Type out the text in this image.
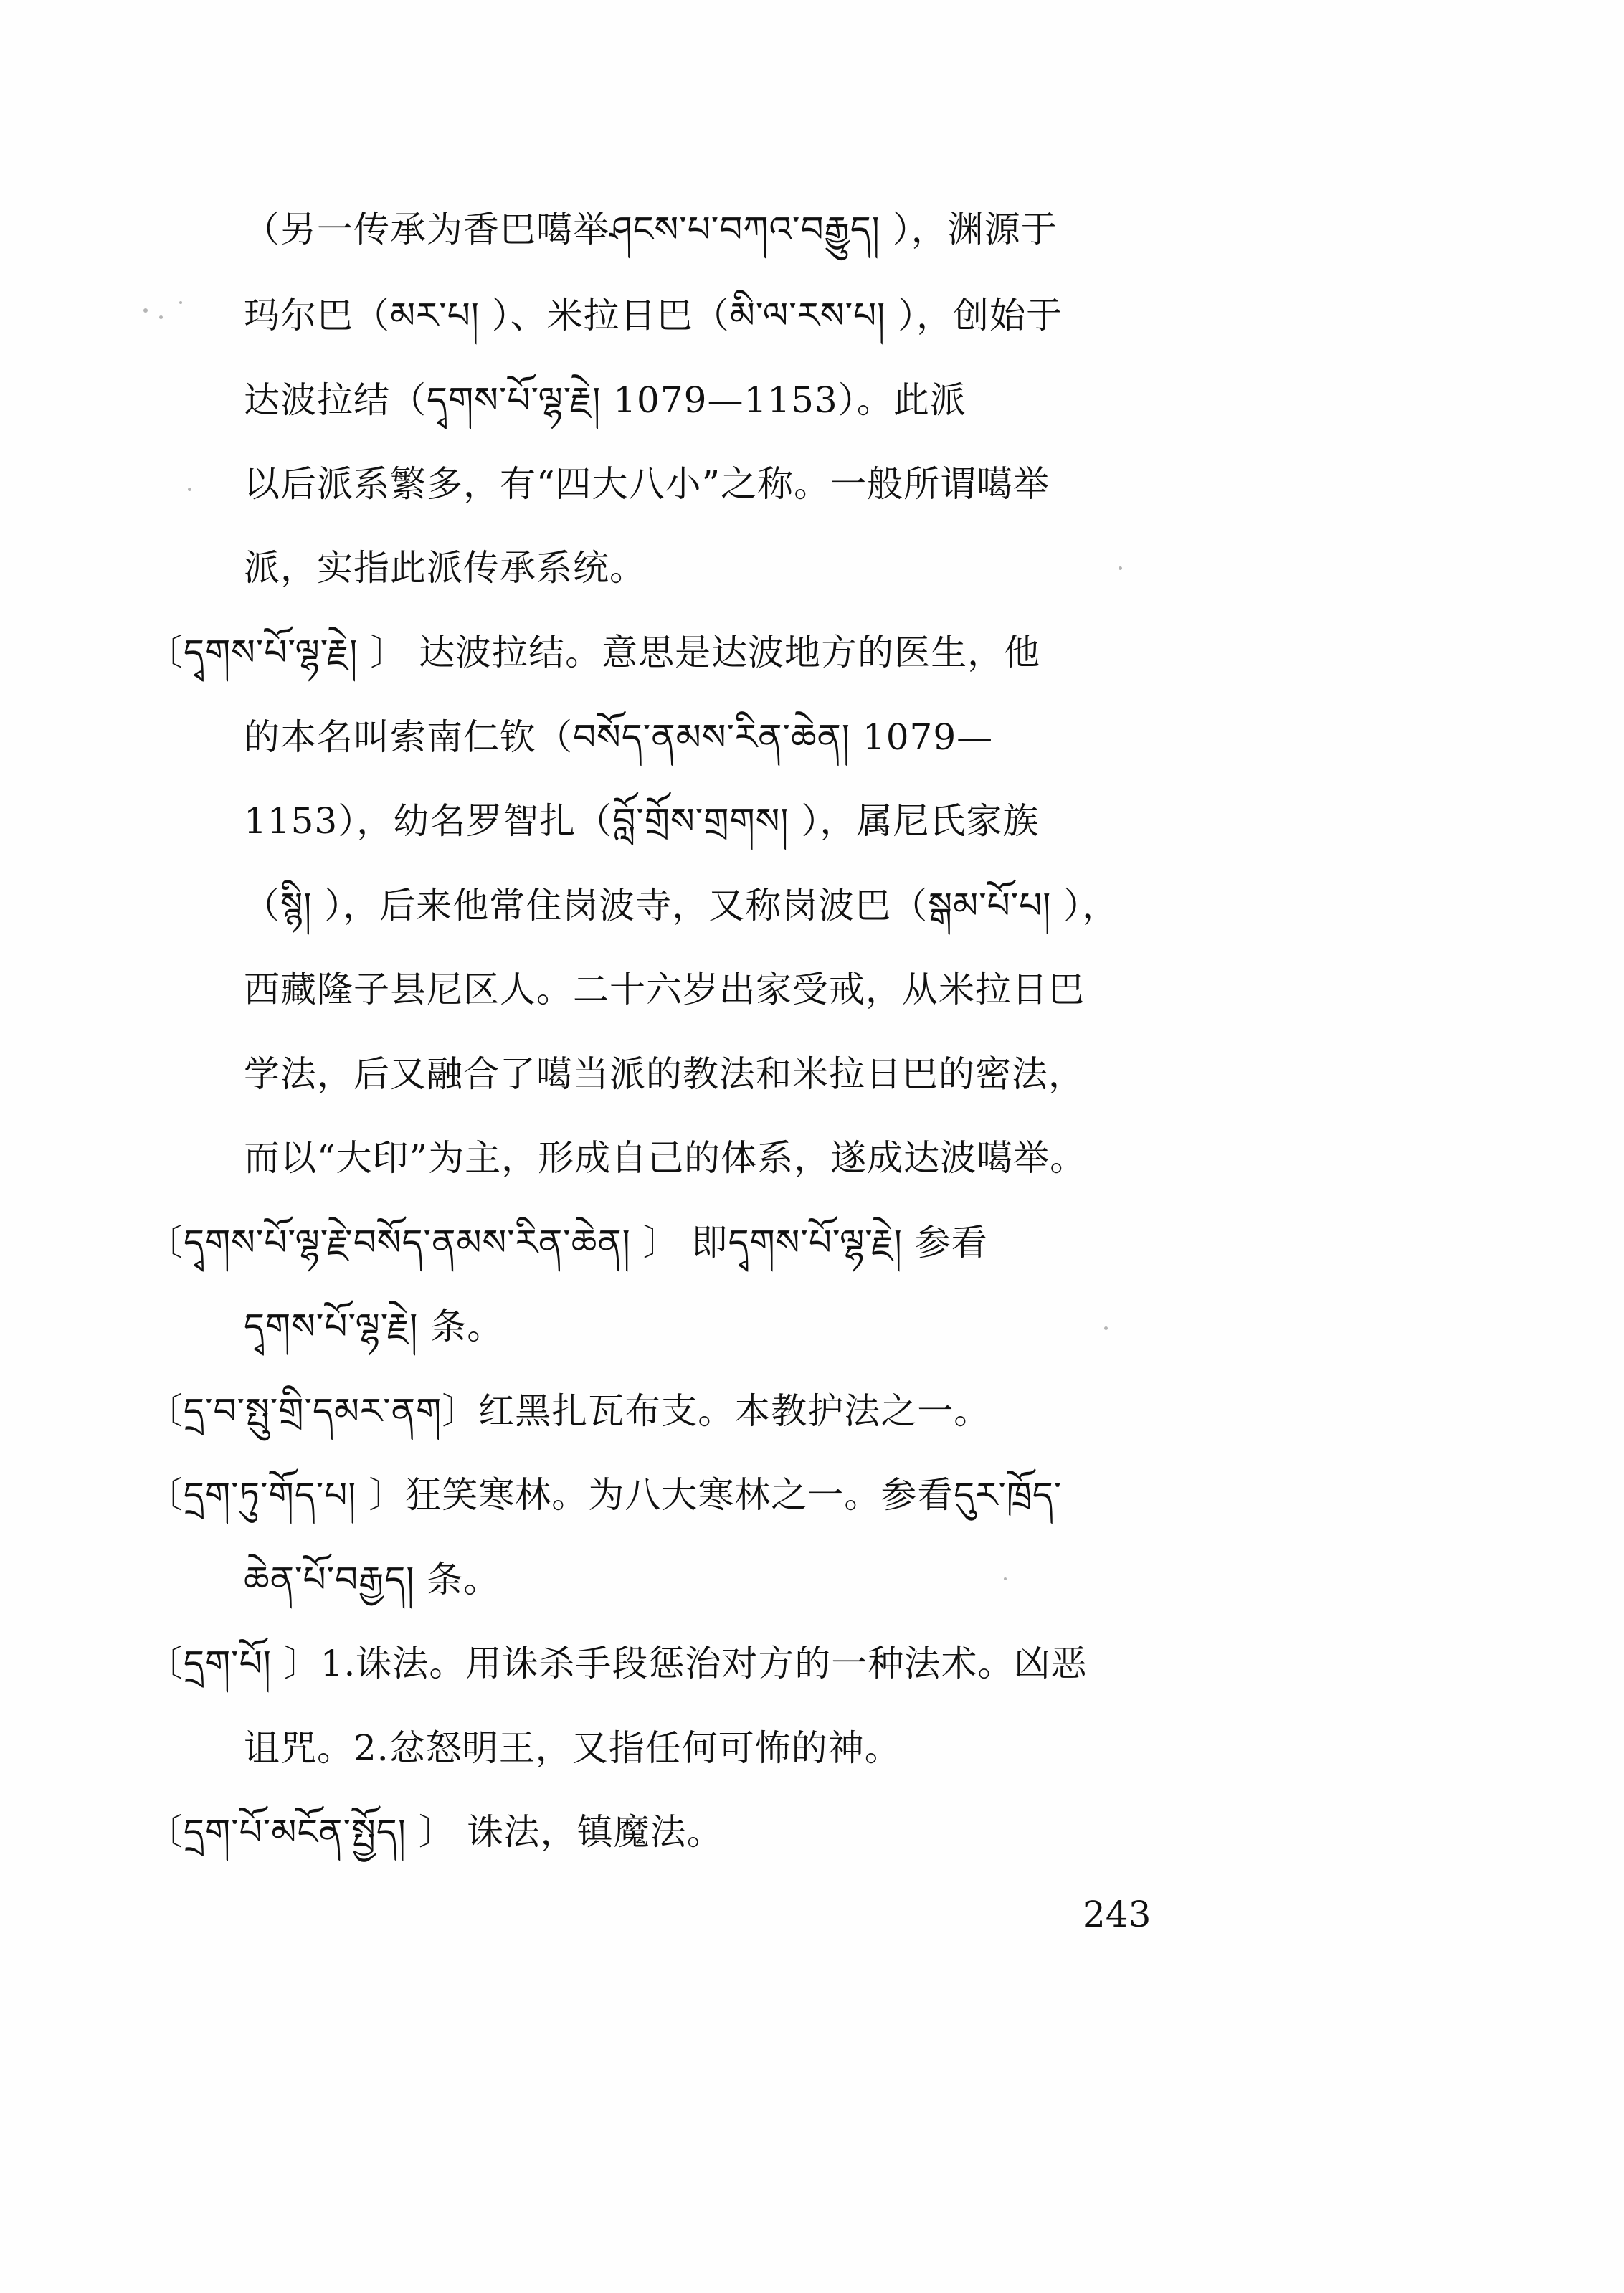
（另一传承为香巴噶举ཤངས་པ་བཀའ་བརྒྱུད། ），渊源于
玛尔巴（མར་པ། ）、米拉日巴（མི་ལ་རས་པ། ），创始于
达波拉结（དྭགས་པོ་ལྷ་རྗེ། 1079—1153）。此派
以后派系繁多，有“四大八小”之称。一般所谓噶举
派，实指此派传承系统。
〔དྭགས་པོ་ལྷ་རྗེ། 〕 达波拉结。意思是达波地方的医生，他
的本名叫索南仁钦（བསོད་ནམས་རིན་ཆེན། 1079—
1153），幼名罗智扎（བློ་གྲོས་གྲགས། ），属尼氏家族
（སྙི། ），后来他常住岗波寺，又称岗波巴（སྒམ་པོ་པ། ），
西藏隆子县尼区人。二十六岁出家受戒，从米拉日巴
学法，后又融合了噶当派的教法和米拉日巴的密法，
而以“大印”为主，形成自己的体系，遂成达波噶举。
〔དྭགས་པོ་ལྷ་རྗེ་བསོད་ནམས་རིན་ཆེན། 〕 即དྭགས་པོ་ལྷ་རྗེ། 参看
དྭགས་པོ་ལྷ་རྗེ། 条。
〔དྲ་བ་སྤུ་གྲི་དམར་ནག〕红黑扎瓦布支。本教护法之一。
〔དྲག་ཏུ་གོད་པ། 〕狂笑寒林。为八大寒林之一。参看དུར་ཁྲོད་
ཆེན་པོ་བརྒྱད། 条。
〔དྲག་པོ། 〕1.诛法。用诛杀手段惩治对方的一种法术。凶恶
诅咒。2.忿怒明王，又指任何可怖的神。
〔དྲག་པོ་མངོན་སྤྱོད། 〕 诛法，镇魔法。
243
